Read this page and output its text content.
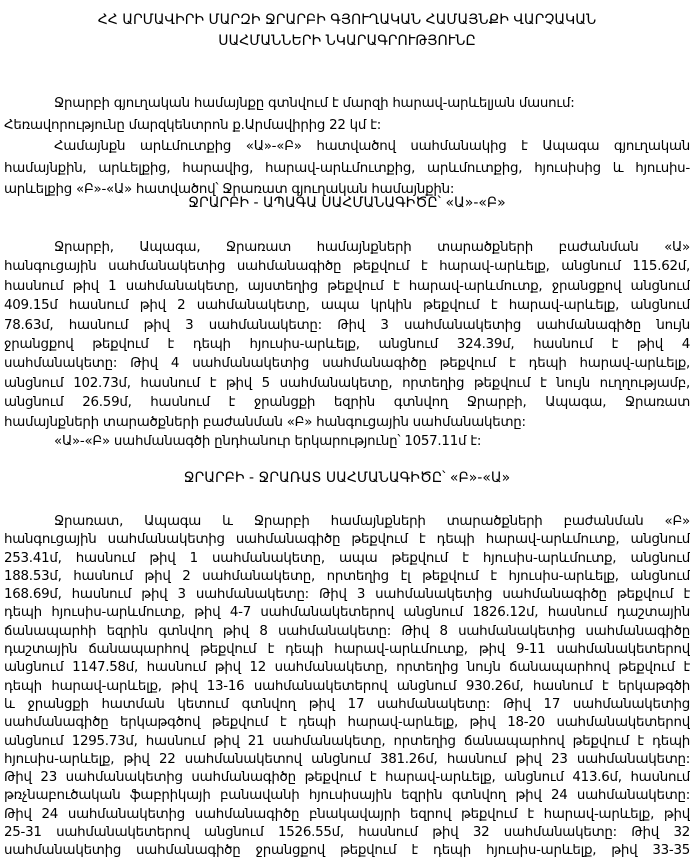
ՀՀ ԱՐՄԱՎԻՐԻ ՄԱՐԶԻ ՋՐԱՐԲԻ ԳՅՈՒՂԱԿԱՆ ՀԱՄԱՅՆՔԻ ՎԱՐՉԱԿԱՆ
ՍԱՀՄԱՆՆԵՐԻ ՆԿԱՐԱԳՐՈՒԹՅՈՒՆԸ
Ջրարբի գյուղական համայնքը գտնվում է մարզի հարավ-արևելյան մասում:
Հեռավորությունը մարզկենտրոն ք.Արմավիրից 22 կմ է:
Համայնքն արևմուտքից «Ա»-«Բ» հատվածով սահմանակից է Ապագա գյուղական
համայնքին, արևելքից, հարավից, հարավ-արևմուտքից, արևմուտքից, հյուսիսից և հյուսիս-
արևելքից «Բ»-«Ա» հատվածով՝ Ջրառատ գյուղական համայնքին:
ՋՐԱՐԲԻ - ԱՊԱԳԱ ՍԱՀՄԱՆԱԳԻԾԸ՝ «Ա»-«Բ»
Ջրարբի, Ապագա, Ջրառատ համայնքների տարածքների բաժանման «Ա»
հանգուցային սահմանակետից սահմանագիծը թեքվում է հարավ-արևելք, անցնում 115.62մ,
հասնում թիվ 1 սահմանակետը, այստեղից թեքվում է հարավ-արևմուտք, ջրանցքով անցնում
409.15մ հասնում թիվ 2 սահմանակետը, ապա կրկին թեքվում է հարավ-արևելք, անցնում
78.63մ, հասնում թիվ 3 սահմանակետը: Թիվ 3 սահմանակետից սահմանագիծը նույն
ջրանցքով թեքվում է դեպի հյուսիս-արևելք, անցնում 324.39մ, հասնում է թիվ 4
սահմանակետը: Թիվ 4 սահմանակետից սահմանագիծը թեքվում է դեպի հարավ-արևելք,
անցնում 102.73մ, հասնում է թիվ 5 սահմանակետը, որտեղից թեքվում է նույն ուղղությամբ,
անցնում 26.59մ, հասնում է ջրանցքի եզրին գտնվող Ջրարբի, Ապագա, Ջրառատ
համայնքների տարածքների բաժանման «Բ» հանգուցային սահմանակետը:
«Ա»-«Բ» սահմանագծի ընդհանուր երկարությունը՝ 1057.11մ է:
ՋՐԱՐԲԻ - ՋՐԱՌԱՏ ՍԱՀՄԱՆԱԳԻԾԸ՝ «Բ»-«Ա»
Ջրառատ, Ապագա և Ջրարբի համայնքների տարածքների բաժանման «Բ»
հանգուցային սահմանակետից սահմանագիծը թեքվում է դեպի հարավ-արևմուտք, անցնում
253.41մ, հասնում թիվ 1 սահմանակետը, ապա թեքվում է հյուսիս-արևմուտք, անցնում
188.53մ, հասնում թիվ 2 սահմանակետը, որտեղից էլ թեքվում է հյուսիս-արևելք, անցնում
168.69մ, հասնում թիվ 3 սահմանակետը: Թիվ 3 սահմանակետից սահմանագիծը թեքվում է
դեպի հյուսիս-արևմուտք, թիվ 4-7 սահմանակետերով անցնում 1826.12մ, հասնում դաշտային
ճանապարհի եզրին գտնվող թիվ 8 սահմանակետը: Թիվ 8 սահմանակետից սահմանագիծը
դաշտային ճանապարհով թեքվում է դեպի հարավ-արևմուտք, թիվ 9-11 սահմանակետերով
անցնում 1147.58մ, հասնում թիվ 12 սահմանակետը, որտեղից նույն ճանապարհով թեքվում է
դեպի հարավ-արևելք, թիվ 13-16 սահմանակետերով անցնում 930.26մ, հասնում է երկաթգծի
և ջրանցքի հատման կետում գտնվող թիվ 17 սահմանակետը: Թիվ 17 սահմանակետից
սահմանագիծը երկաթգծով թեքվում է դեպի հարավ-արևելք, թիվ 18-20 սահմանակետերով
անցնում 1295.73մ, հասնում թիվ 21 սահմանակետը, որտեղից ճանապարհով թեքվում է դեպի
հյուսիս-արևելք, թիվ 22 սահմանակետով անցնում 381.26մ, հասնում թիվ 23 սահմանակետը:
Թիվ 23 սահմանակետից սահմանագիծը թեքվում է հարավ-արևելք, անցնում 413.6մ, հասնում
թռչնաբուծական ֆաբրիկայի բանավանի հյուսիսային եզրին գտնվող թիվ 24 սահմանակետը:
Թիվ 24 սահմանակետից սահմանագիծը բնակավայրի եզրով թեքվում է հարավ-արևելք, թիվ
25-31 սահմանակետերով անցնում 1526.55մ, հասնում թիվ 32 սահմանակետը: Թիվ 32
սահմանակետից սահմանագիծը ջրանցքով թեքվում է դեպի հյուսիս-արևելք, թիվ 33-35
